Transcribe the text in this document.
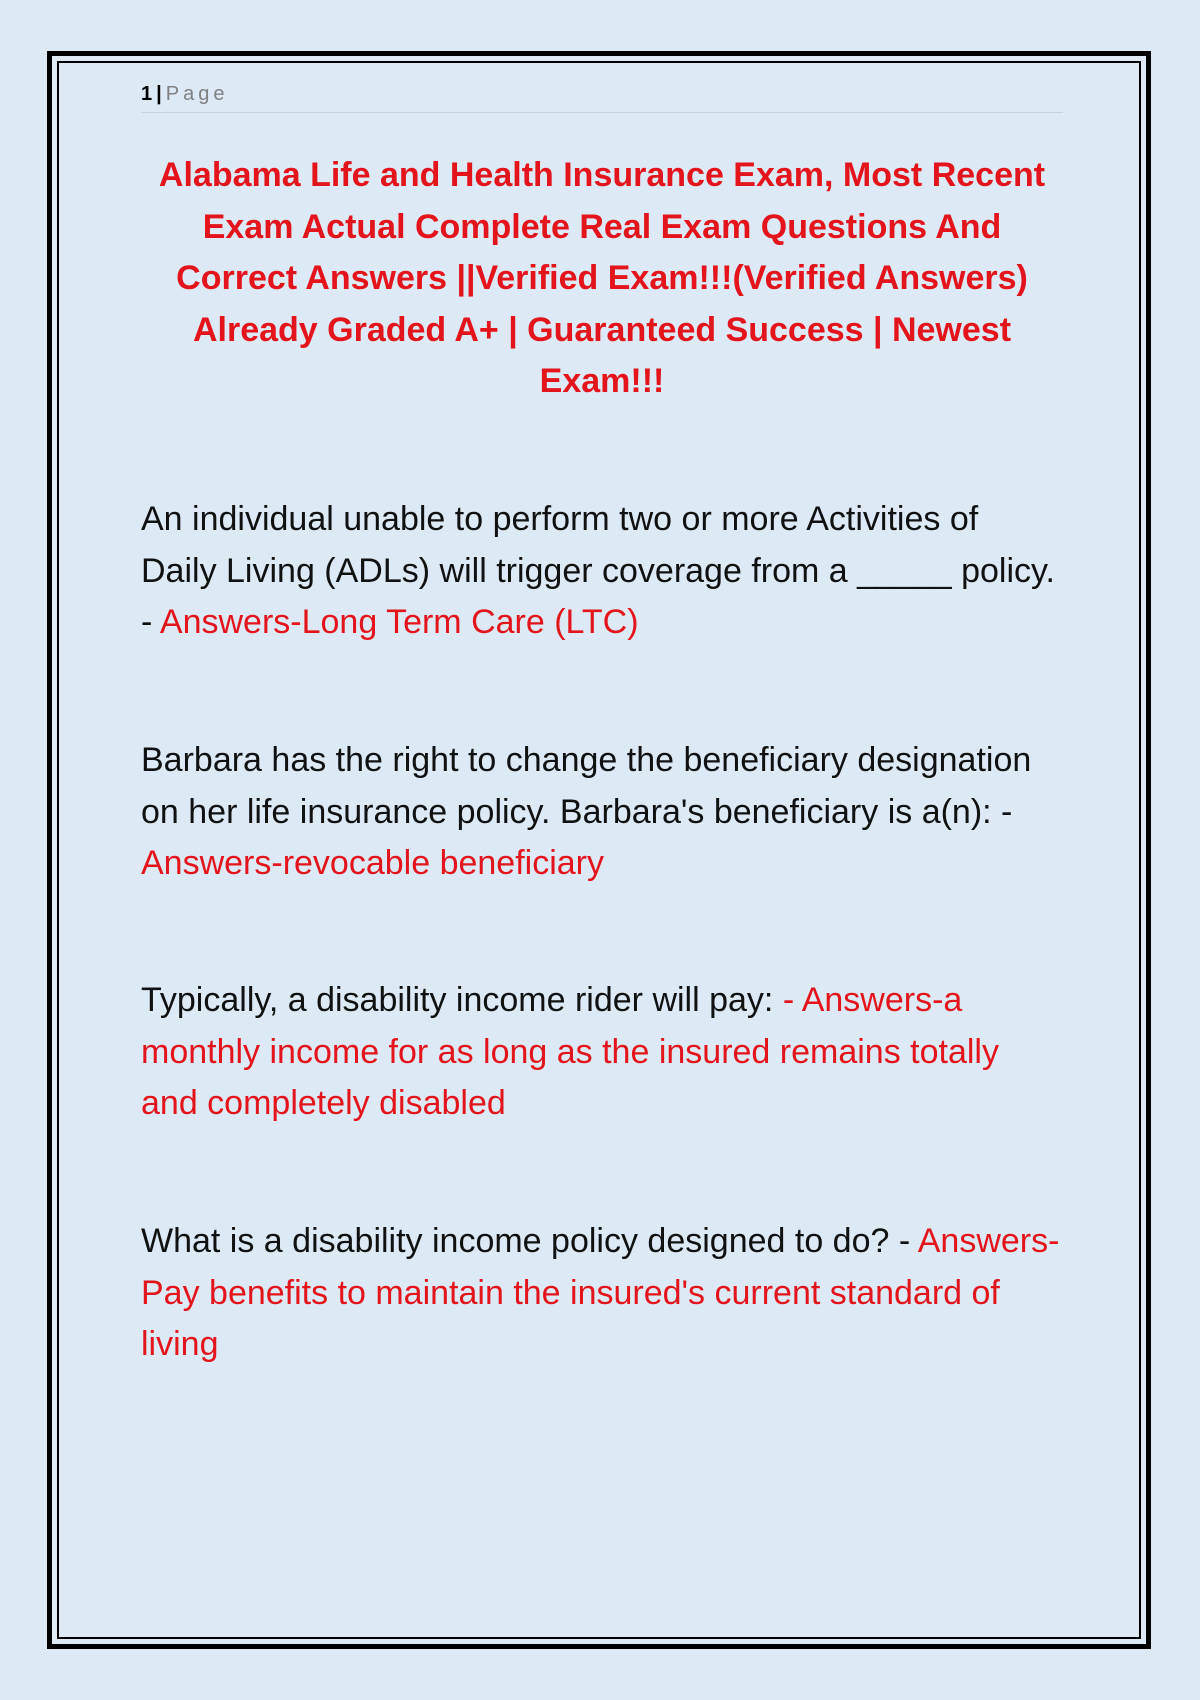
1 | Page
Alabama Life and Health Insurance Exam, Most Recent Exam Actual Complete Real Exam Questions And Correct Answers ||Verified Exam!!!(Verified Answers) Already Graded A+ | Guaranteed Success | Newest Exam!!!

An individual unable to perform two or more Activities of Daily Living (ADLs) will trigger coverage from a _____ policy. - Answers-Long Term Care (LTC)

Barbara has the right to change the beneficiary designation on her life insurance policy. Barbara's beneficiary is a(n): - Answers-revocable beneficiary

Typically, a disability income rider will pay: - Answers-a monthly income for as long as the insured remains totally and completely disabled

What is a disability income policy designed to do? - Answers-Pay benefits to maintain the insured's current standard of living
